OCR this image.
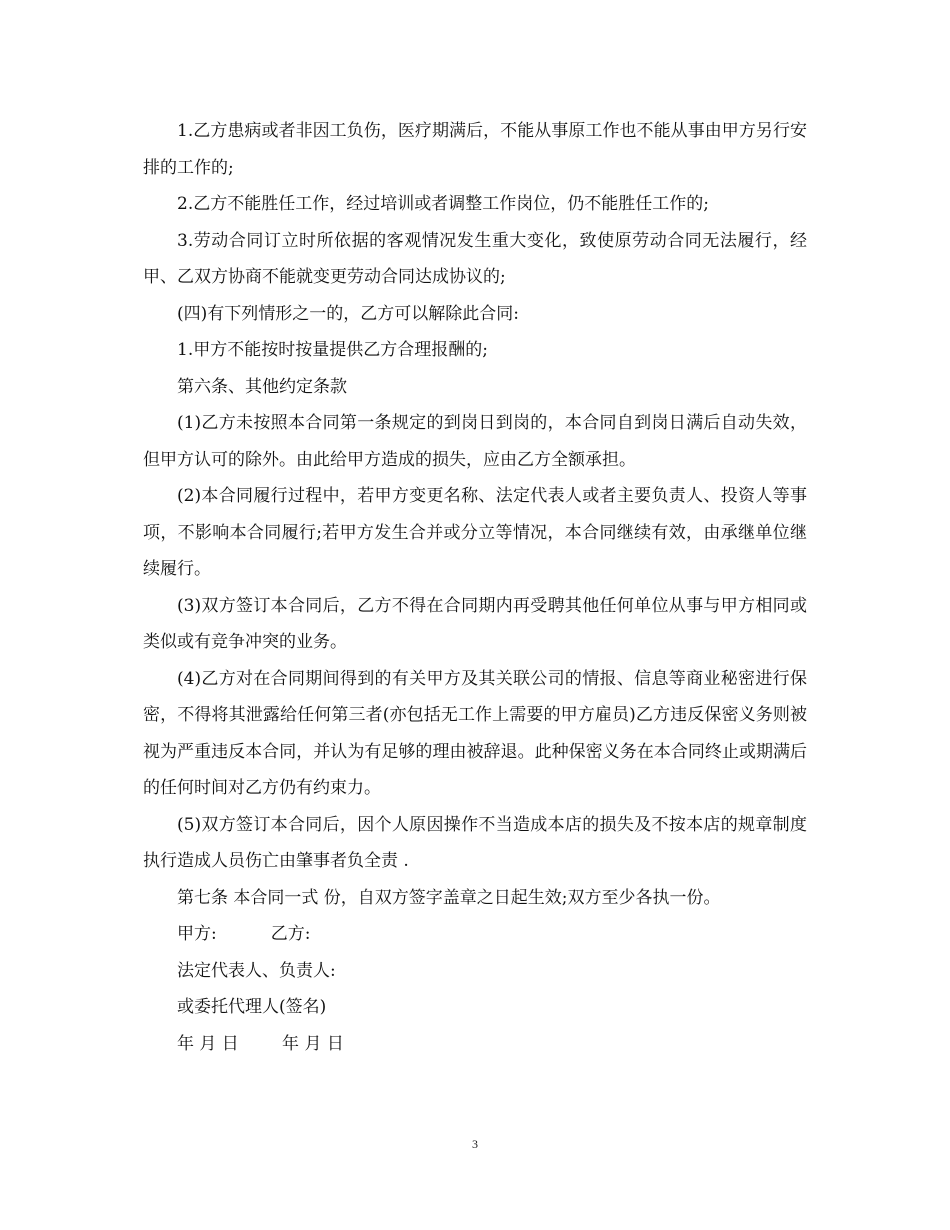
1.乙方患病或者非因工负伤，医疗期满后，不能从事原工作也不能从事由甲方另行安排的工作的;

2.乙方不能胜任工作，经过培训或者调整工作岗位，仍不能胜任工作的;

3.劳动合同订立时所依据的客观情况发生重大变化，致使原劳动合同无法履行，经甲、乙双方协商不能就变更劳动合同达成协议的;

(四)有下列情形之一的，乙方可以解除此合同:

1.甲方不能按时按量提供乙方合理报酬的;

第六条、其他约定条款

(1)乙方未按照本合同第一条规定的到岗日到岗的，本合同自到岗日满后自动失效，但甲方认可的除外。由此给甲方造成的损失，应由乙方全额承担。

(2)本合同履行过程中，若甲方变更名称、法定代表人或者主要负责人、投资人等事项，不影响本合同履行;若甲方发生合并或分立等情况，本合同继续有效，由承继单位继续履行。

(3)双方签订本合同后，乙方不得在合同期内再受聘其他任何单位从事与甲方相同或类似或有竞争冲突的业务。

(4)乙方对在合同期间得到的有关甲方及其关联公司的情报、信息等商业秘密进行保密，不得将其泄露给任何第三者(亦包括无工作上需要的甲方雇员)乙方违反保密义务则被视为严重违反本合同，并认为有足够的理由被辞退。此种保密义务在本合同终止或期满后的任何时间对乙方仍有约束力。

(5)双方签订本合同后，因个人原因操作不当造成本店的损失及不按本店的规章制度执行造成人员伤亡由肇事者负全责 .

第七条 本合同一式 份，自双方签字盖章之日起生效;双方至少各执一份。

甲方:          乙方:

法定代表人、负责人:

或委托代理人(签名)

年 月 日        年 月 日

3
